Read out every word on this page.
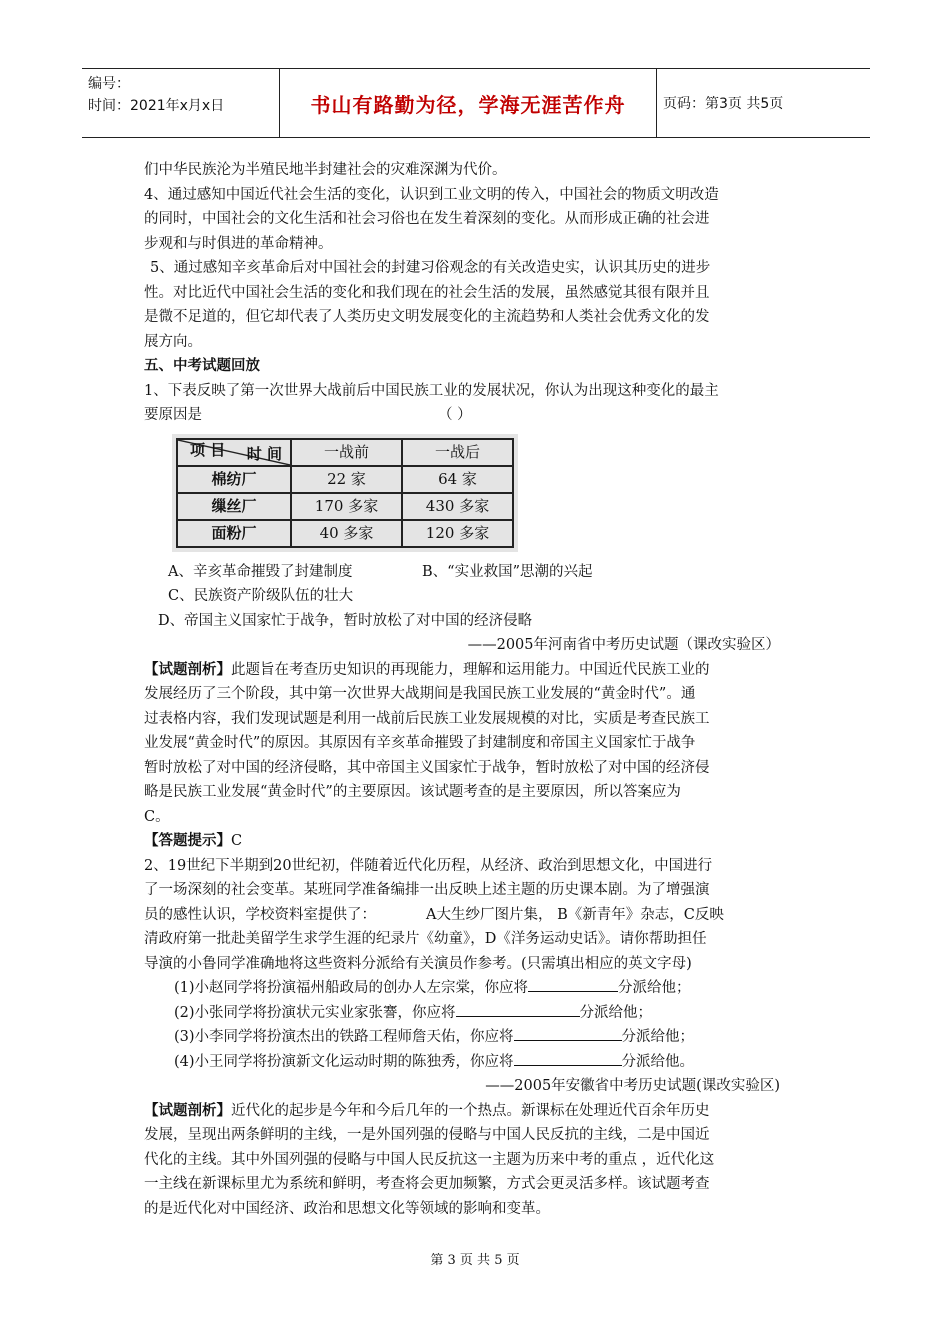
编号：
时间：2021年x月x日	书山有路勤为径，学海无涯苦作舟	页码：第3页 共5页

们中华民族沦为半殖民地半封建社会的灾难深渊为代价。

4、通过感知中国近代社会生活的变化，认识到工业文明的传入，中国社会的物质文明改造

的同时，中国社会的文化生活和社会习俗也在发生着深刻的变化。从而形成正确的社会进

步观和与时俱进的革命精神。

5、通过感知辛亥革命后对中国社会的封建习俗观念的有关改造史实，认识其历史的进步

性。对比近代中国社会生活的变化和我们现在的社会生活的发展，虽然感觉其很有限并且

是微不足道的，但它却代表了人类历史文明发展变化的主流趋势和人类社会优秀文化的发

展方向。

五、中考试题回放

1、下表反映了第一次世界大战前后中国民族工业的发展状况，你认为出现这种变化的最主

要原因是	（ ）

时 间
项 目	一战前	一战后
棉纺厂	22 家	64 家
缫丝厂	170 多家	430 多家
面粉厂	40 多家	120 多家

A、辛亥革命摧毁了封建制度	B、“实业救国”思潮的兴起

C、民族资产阶级队伍的壮大

D、帝国主义国家忙于战争，暂时放松了对中国的经济侵略

——2005年河南省中考历史试题（课改实验区）

【试题剖析】此题旨在考查历史知识的再现能力，理解和运用能力。中国近代民族工业的

发展经历了三个阶段，其中第一次世界大战期间是我国民族工业发展的“黄金时代”。通

过表格内容，我们发现试题是利用一战前后民族工业发展规模的对比，实质是考查民族工

业发展“黄金时代”的原因。其原因有辛亥革命摧毁了封建制度和帝国主义国家忙于战争

暂时放松了对中国的经济侵略，其中帝国主义国家忙于战争，暂时放松了对中国的经济侵

略是民族工业发展“黄金时代”的主要原因。该试题考查的是主要原因，所以答案应为

C。

【答题提示】C

2、19世纪下半期到20世纪初，伴随着近代化历程，从经济、政治到思想文化，中国进行

了一场深刻的社会变革。某班同学准备编排一出反映上述主题的历史课本剧。为了增强演

员的感性认识，学校资料室提供了：	A大生纱厂图片集， B《新青年》杂志，C反映

清政府第一批赴美留学生求学生涯的纪录片《幼童》，D《洋务运动史话》。请你帮助担任

导演的小鲁同学准确地将这些资料分派给有关演员作参考。(只需填出相应的英文字母)

(1)小赵同学将扮演福州船政局的创办人左宗棠，你应将	分派给他；

(2)小张同学将扮演状元实业家张謇，你应将	分派给他；

(3)小李同学将扮演杰出的铁路工程师詹天佑，你应将	分派给他；

(4)小王同学将扮演新文化运动时期的陈独秀，你应将	分派给他。

——2005年安徽省中考历史试题(课改实验区)

【试题剖析】近代化的起步是今年和今后几年的一个热点。新课标在处理近代百余年历史

发展，呈现出两条鲜明的主线，一是外国列强的侵略与中国人民反抗的主线，二是中国近

代化的主线。其中外国列强的侵略与中国人民反抗这一主题为历来中考的重点 ，近代化这

一主线在新课标里尤为系统和鲜明，考查将会更加频繁，方式会更灵活多样。该试题考查

的是近代化对中国经济、政治和思想文化等领域的影响和变革。

第 3 页 共 5 页
